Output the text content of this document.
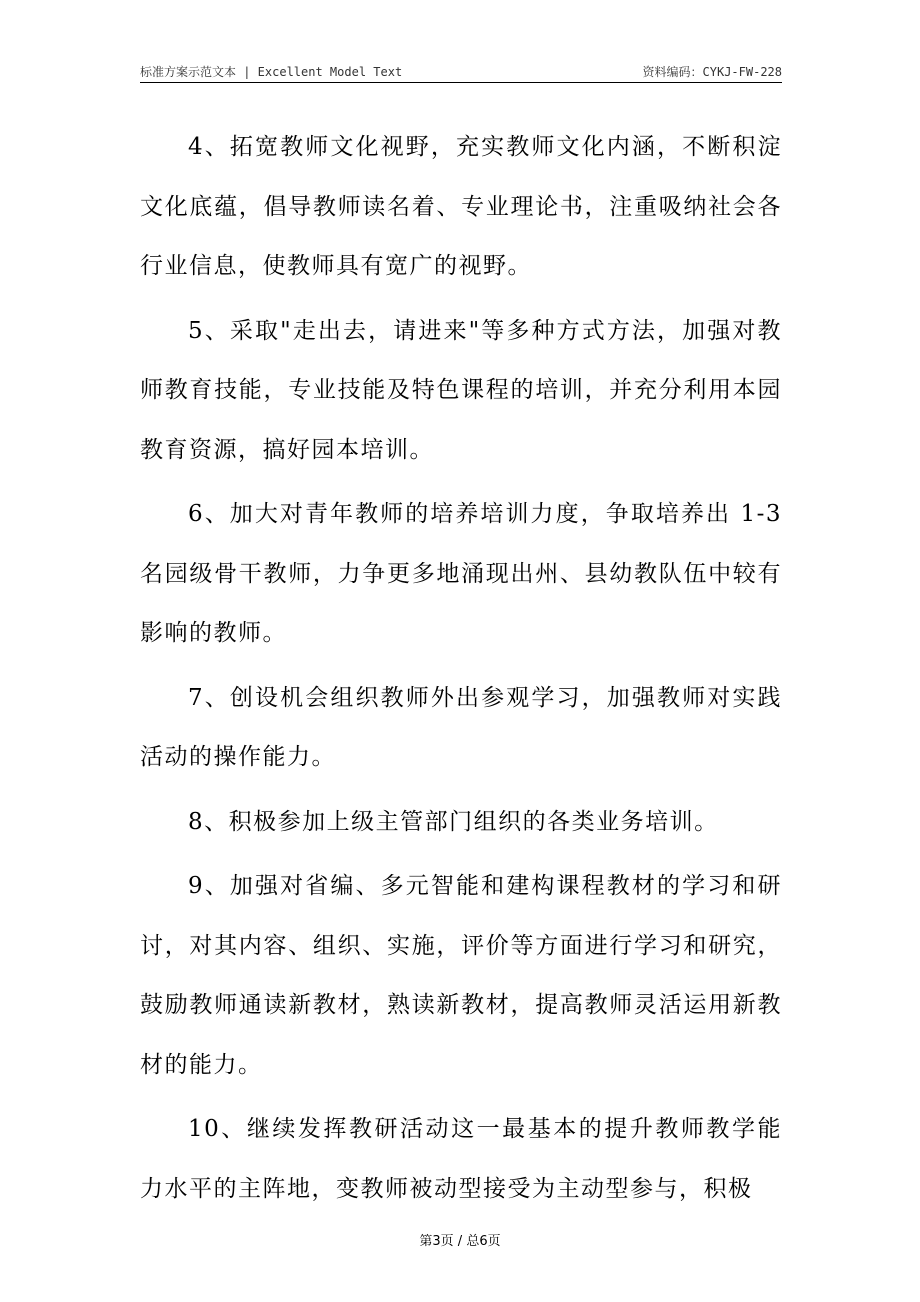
标准方案示范文本 | Excellent Model Text	资料编码：CYKJ-FW-228

4、拓宽教师文化视野，充实教师文化内涵，不断积淀文化底蕴，倡导教师读名着、专业理论书，注重吸纳社会各行业信息，使教师具有宽广的视野。

5、采取"走出去，请进来"等多种方式方法，加强对教师教育技能，专业技能及特色课程的培训，并充分利用本园教育资源，搞好园本培训。

6、加大对青年教师的培养培训力度，争取培养出 1-3名园级骨干教师，力争更多地涌现出州、县幼教队伍中较有影响的教师。

7、创设机会组织教师外出参观学习，加强教师对实践活动的操作能力。

8、积极参加上级主管部门组织的各类业务培训。

9、加强对省编、多元智能和建构课程教材的学习和研讨，对其内容、组织、实施，评价等方面进行学习和研究，鼓励教师通读新教材，熟读新教材，提高教师灵活运用新教材的能力。

10、继续发挥教研活动这一最基本的提升教师教学能力水平的主阵地，变教师被动型接受为主动型参与，积极

第3页 / 总6页
